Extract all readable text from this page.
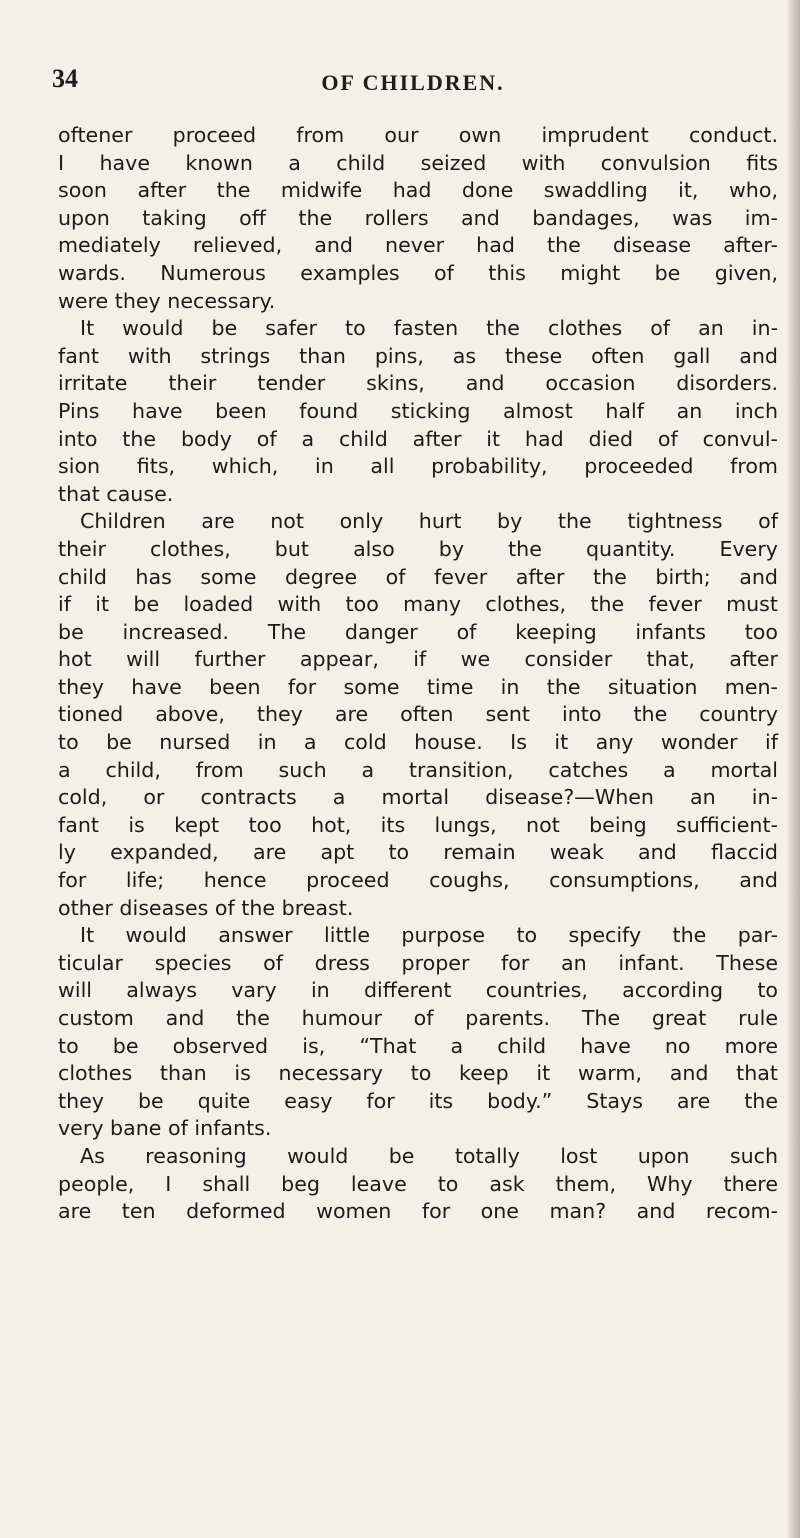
34	OF CHILDREN.
oftener proceed from our own imprudent conduct.
I have known a child seized with convulsion fits
soon after the midwife had done swaddling it, who,
upon taking off the rollers and bandages, was im-
mediately relieved, and never had the disease after-
wards. Numerous examples of this might be given,
were they necessary.
It would be safer to fasten the clothes of an in-
fant with strings than pins, as these often gall and
irritate their tender skins, and occasion disorders.
Pins have been found sticking almost half an inch
into the body of a child after it had died of convul-
sion fits, which, in all probability, proceeded from
that cause.
Children are not only hurt by the tightness of
their clothes, but also by the quantity. Every
child has some degree of fever after the birth; and
if it be loaded with too many clothes, the fever must
be increased. The danger of keeping infants too
hot will further appear, if we consider that, after
they have been for some time in the situation men-
tioned above, they are often sent into the country
to be nursed in a cold house. Is it any wonder if
a child, from such a transition, catches a mortal
cold, or contracts a mortal disease?—When an in-
fant is kept too hot, its lungs, not being sufficient-
ly expanded, are apt to remain weak and flaccid
for life; hence proceed coughs, consumptions, and
other diseases of the breast.
It would answer little purpose to specify the par-
ticular species of dress proper for an infant. These
will always vary in different countries, according to
custom and the humour of parents. The great rule
to be observed is, “That a child have no more
clothes than is necessary to keep it warm, and that
they be quite easy for its body.” Stays are the
very bane of infants.
As reasoning would be totally lost upon such
people, I shall beg leave to ask them, Why there
are ten deformed women for one man? and recom-
